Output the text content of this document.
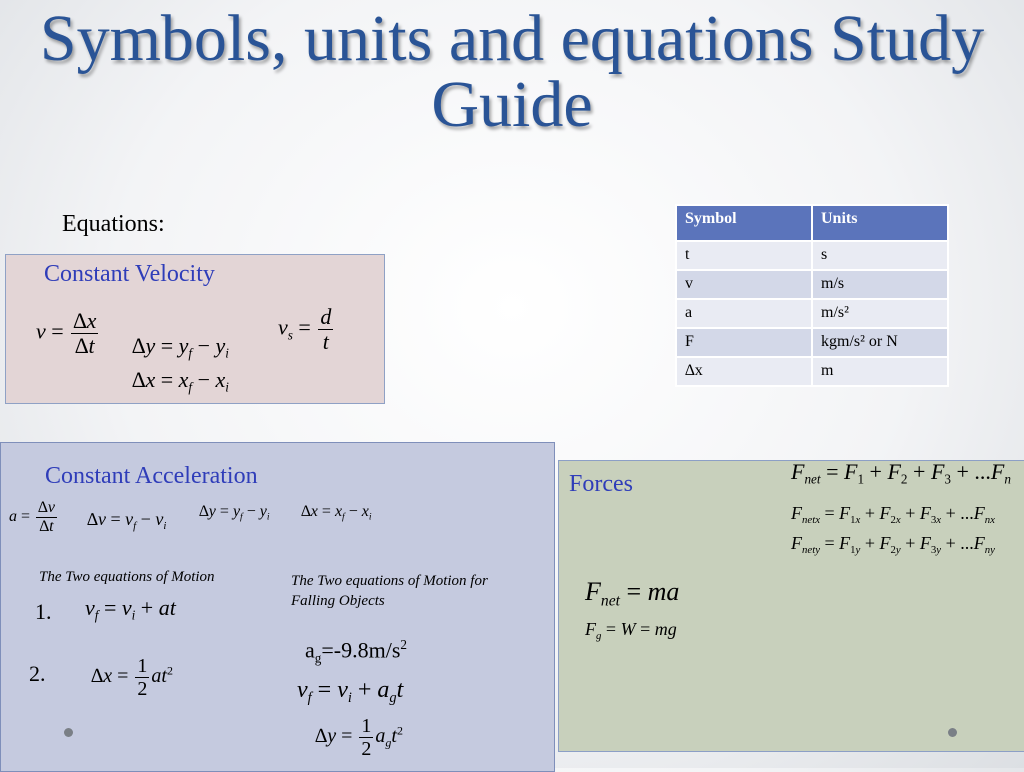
Symbols, units and equations Study Guide
Equations:	Symbol	Units
t	s
v	m/s
a	m/s²
F	kgm/s² or N
∆x	m
Constant Velocity
$v = \frac{\Delta x}{\Delta t} \Delta y = y_f - y_i$
$v_s = \frac{d}{t}$
$\Delta x = x_f - x_i$
Constant Acceleration
$a = \frac{\Delta v}{\Delta t} \Delta v = v_f - v_i$
$\Delta y = y_f - y_i$ $\Delta x = x_f - x_i$
The Two equations of Motion	The Two equations of Motion for Falling Objects
1. $v_f = v_i$ + at
2. $\Delta x = \frac{1}{2} at^2$
$a_g=-9.8m/s^2$
$v_f = v_i + a_gt$
$\Delta y = \frac{1}{2} a_gt^2$
Forces	$F_{net} = F_1 + F_2 + F_3 + ...F_n$
$F_{netx} = F_{1x} + F_{2x} + F_{3x} + ...F_{nx}$
$F_{nety} = F_{1y} + F_{2y} + F_{3y} + ...F_{ny}$
$F_{net}$ = ma
$F_g = W$ = mg
